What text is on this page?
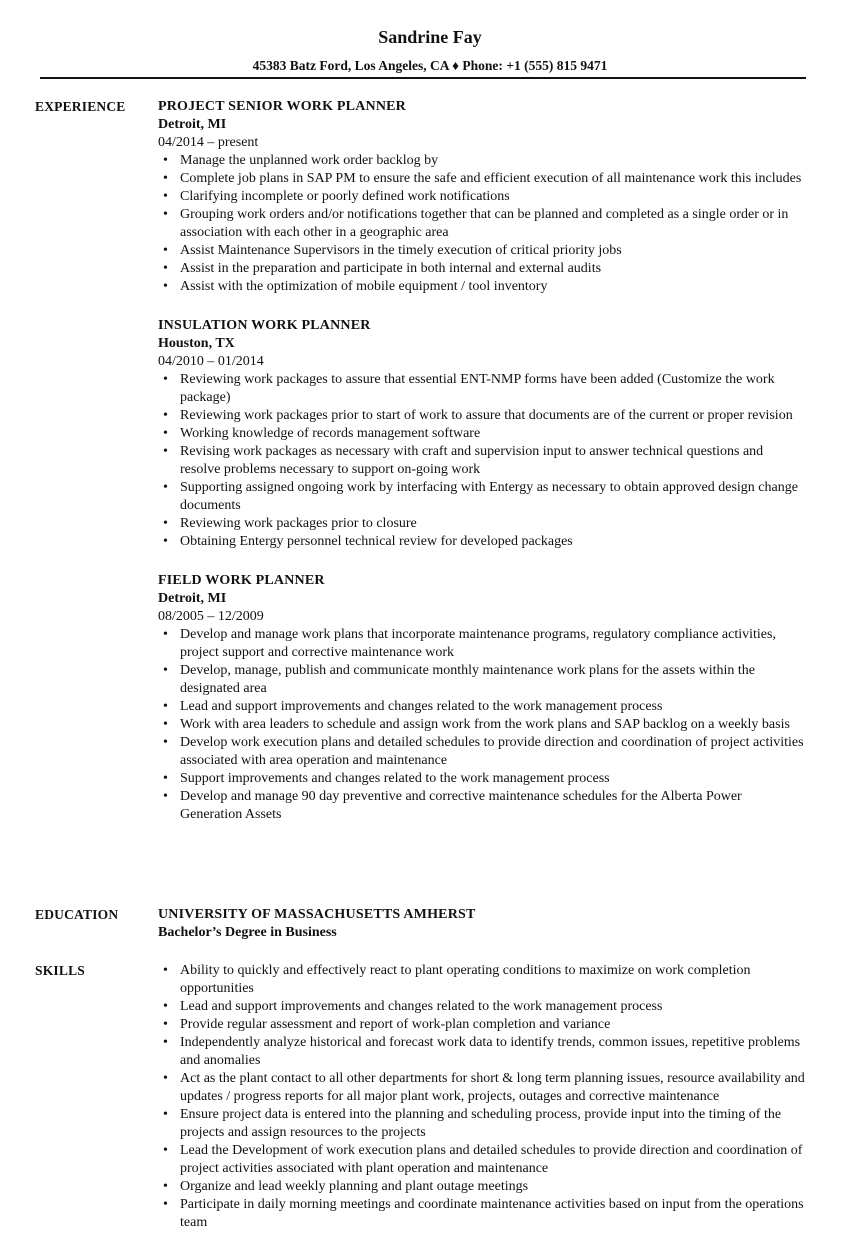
Sandrine Fay
45383 Batz Ford, Los Angeles, CA ♦ Phone: +1 (555) 815 9471
EXPERIENCE PROJECT SENIOR WORK PLANNER
Detroit, MI
04/2014 – present
• Manage the unplanned work order backlog by
• Complete job plans in SAP PM to ensure the safe and efficient execution of all maintenance work this includes
• Clarifying incomplete or poorly defined work notifications
• Grouping work orders and/or notifications together that can be planned and completed as a single order or in association with each other in a geographic area
• Assist Maintenance Supervisors in the timely execution of critical priority jobs
• Assist in the preparation and participate in both internal and external audits
• Assist with the optimization of mobile equipment / tool inventory
INSULATION WORK PLANNER
Houston, TX
04/2010 – 01/2014
• Reviewing work packages to assure that essential ENT-NMP forms have been added (Customize the work package)
• Reviewing work packages prior to start of work to assure that documents are of the current or proper revision
• Working knowledge of records management software
• Revising work packages as necessary with craft and supervision input to answer technical questions and resolve problems necessary to support on-going work
• Supporting assigned ongoing work by interfacing with Entergy as necessary to obtain approved design change documents
• Reviewing work packages prior to closure
• Obtaining Entergy personnel technical review for developed packages
FIELD WORK PLANNER
Detroit, MI
08/2005 – 12/2009
• Develop and manage work plans that incorporate maintenance programs, regulatory compliance activities, project support and corrective maintenance work
• Develop, manage, publish and communicate monthly maintenance work plans for the assets within the designated area
• Lead and support improvements and changes related to the work management process
• Work with area leaders to schedule and assign work from the work plans and SAP backlog on a weekly basis
• Develop work execution plans and detailed schedules to provide direction and coordination of project activities associated with area operation and maintenance
• Support improvements and changes related to the work management process
• Develop and manage 90 day preventive and corrective maintenance schedules for the Alberta Power Generation Assets
EDUCATION	UNIVERSITY OF MASSACHUSETTS AMHERST
Bachelor’s Degree in Business
SKILLS
•	Ability to quickly and effectively react to plant operating conditions to maximize on work completion opportunities
• Lead and support improvements and changes related to the work management process
• Provide regular assessment and report of work-plan completion and variance
• Independently analyze historical and forecast work data to identify trends, common issues, repetitive problems and anomalies
• Act as the plant contact to all other departments for short & long term planning issues, resource availability and updates / progress reports for all major plant work, projects, outages and corrective maintenance
• Ensure project data is entered into the planning and scheduling process, provide input into the timing of the projects and assign resources to the projects
• Lead the Development of work execution plans and detailed schedules to provide direction and coordination of project activities associated with plant operation and maintenance
• Organize and lead weekly planning and plant outage meetings
• Participate in daily morning meetings and coordinate maintenance activities based on input from the operations team
